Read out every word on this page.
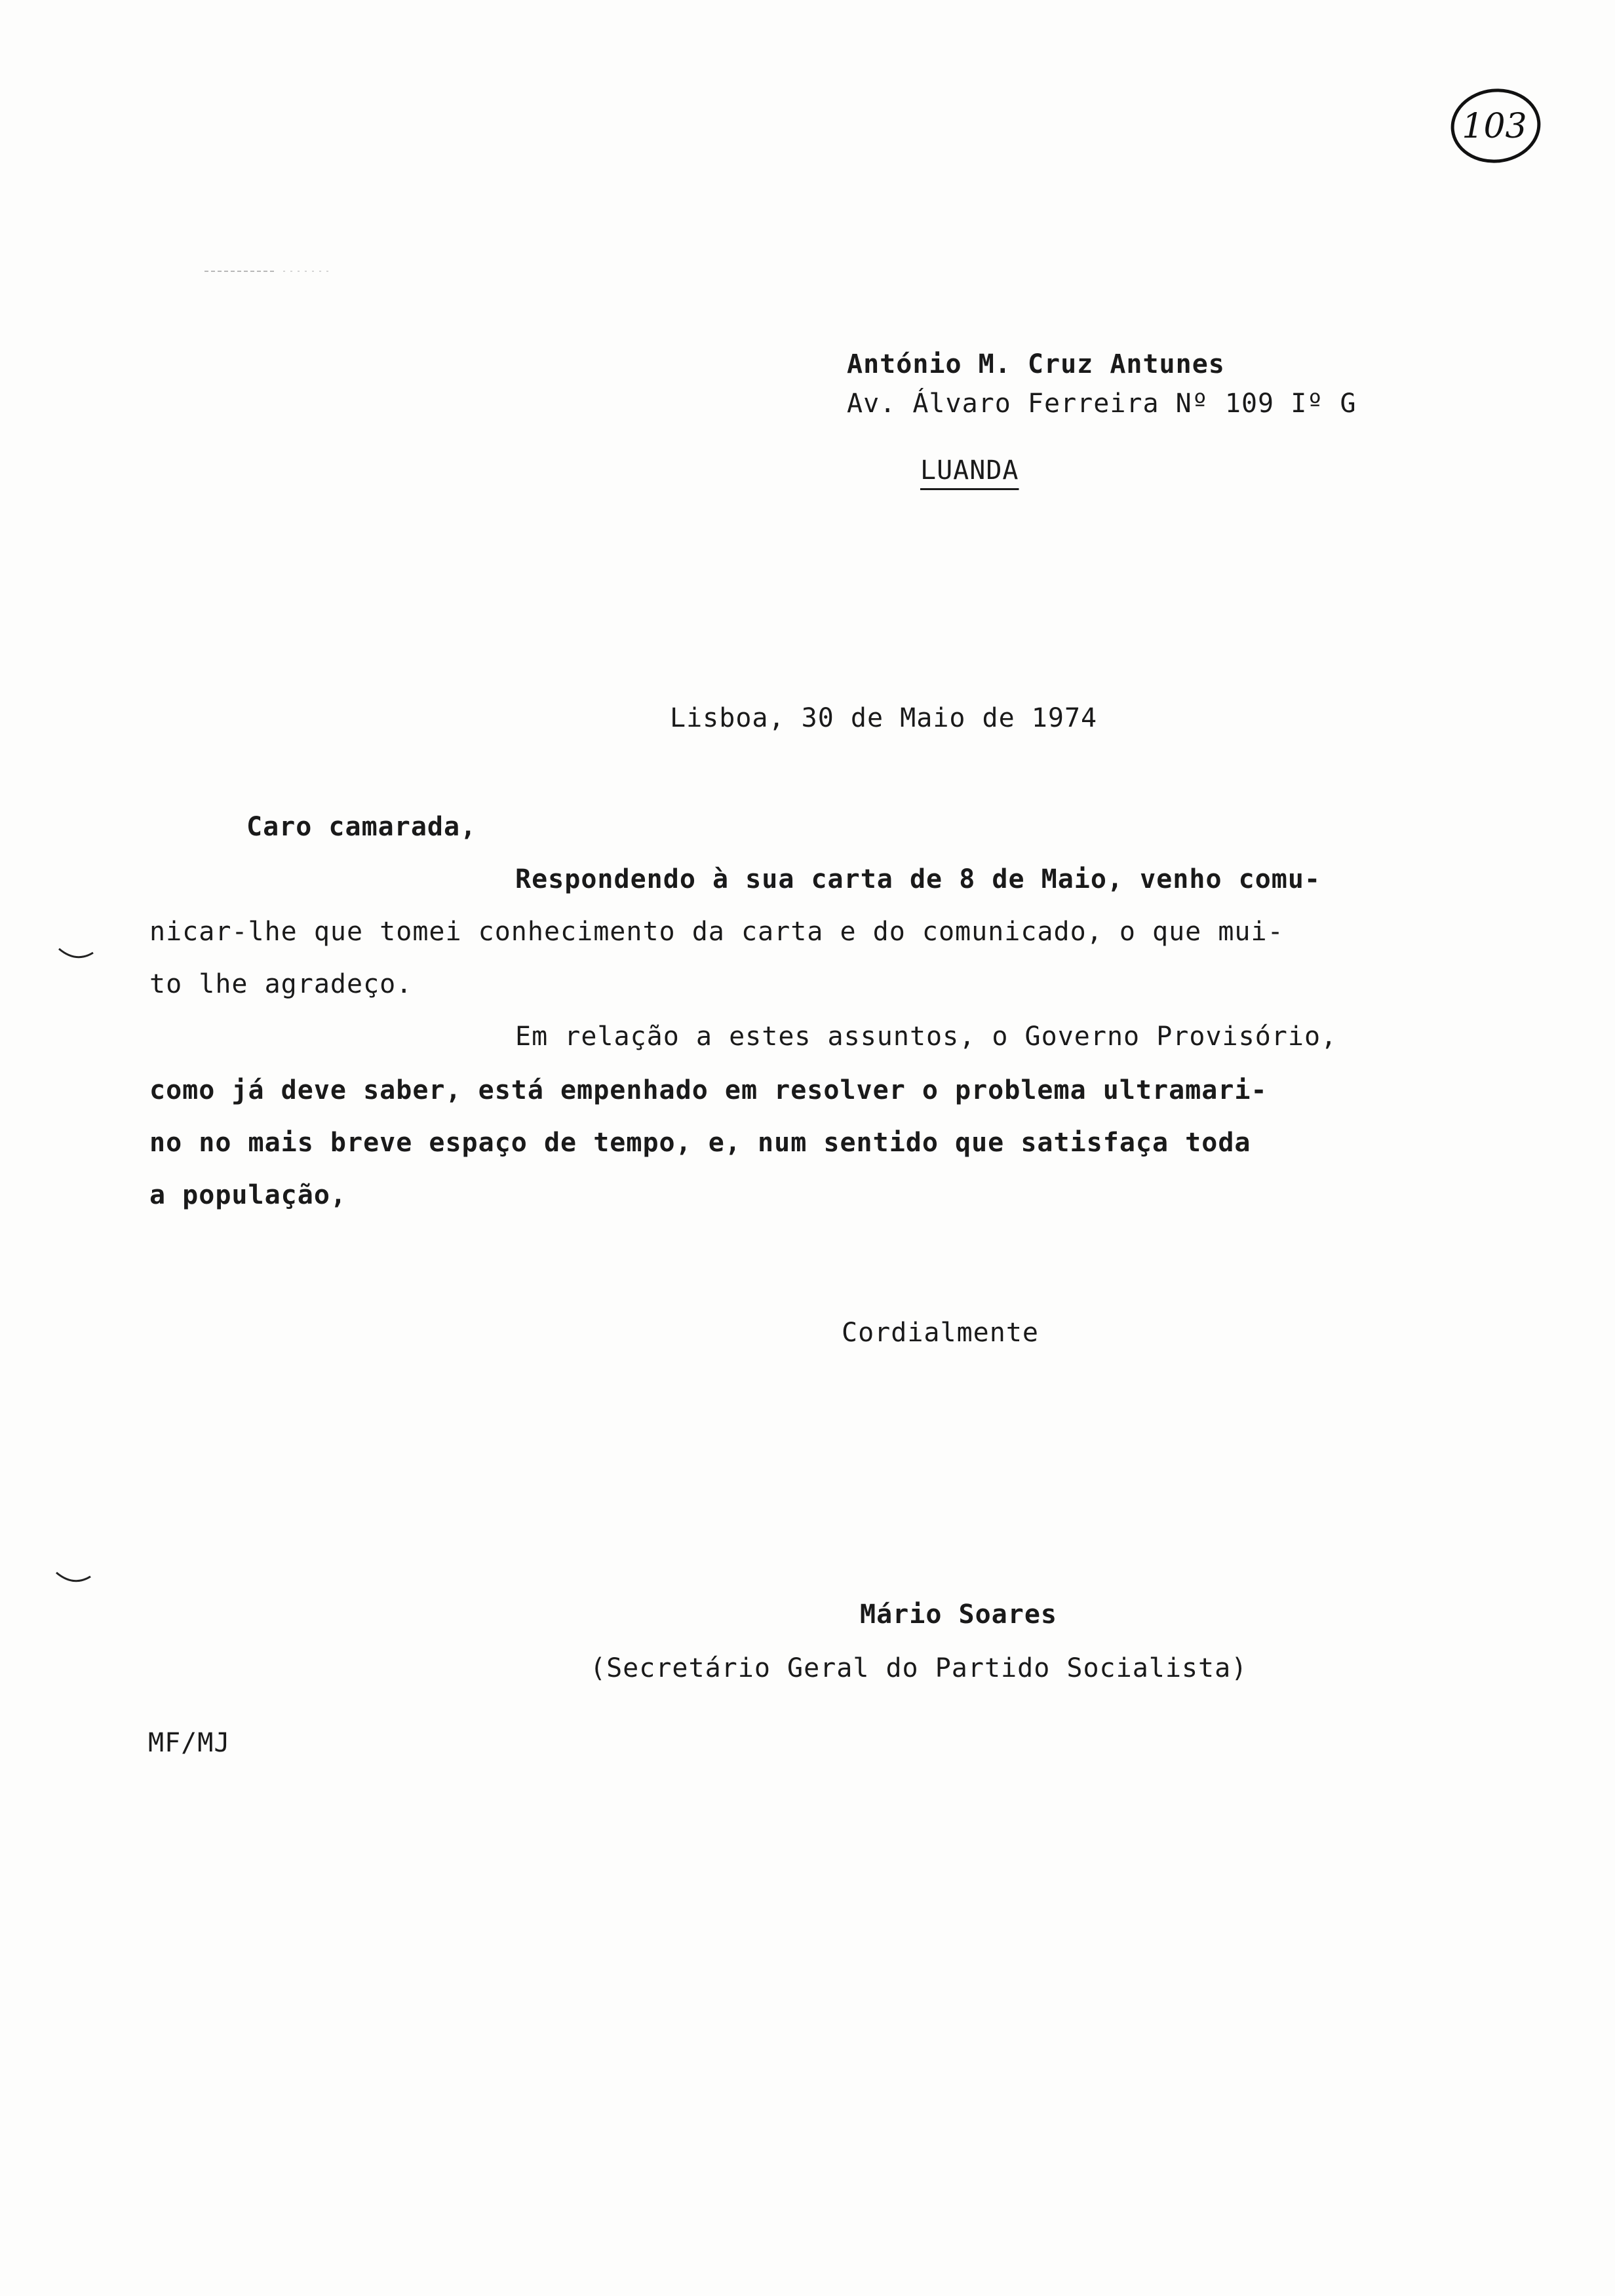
103
António M. Cruz Antunes
Av. Álvaro Ferreira Nº 109 Iº G
LUANDA
Lisboa, 30 de Maio de 1974
Caro camarada,
Respondendo à sua carta de 8 de Maio, venho comu-
nicar-lhe que tomei conhecimento da carta e do comunicado, o que mui-
to lhe agradeço.
Em relação a estes assuntos, o Governo Provisório,
como já deve saber, está empenhado em resolver o problema ultramari-
no no mais breve espaço de tempo, e, num sentido que satisfaça toda
a população,
Cordialmente
Mário Soares
(Secretário Geral do Partido Socialista)
MF/MJ
